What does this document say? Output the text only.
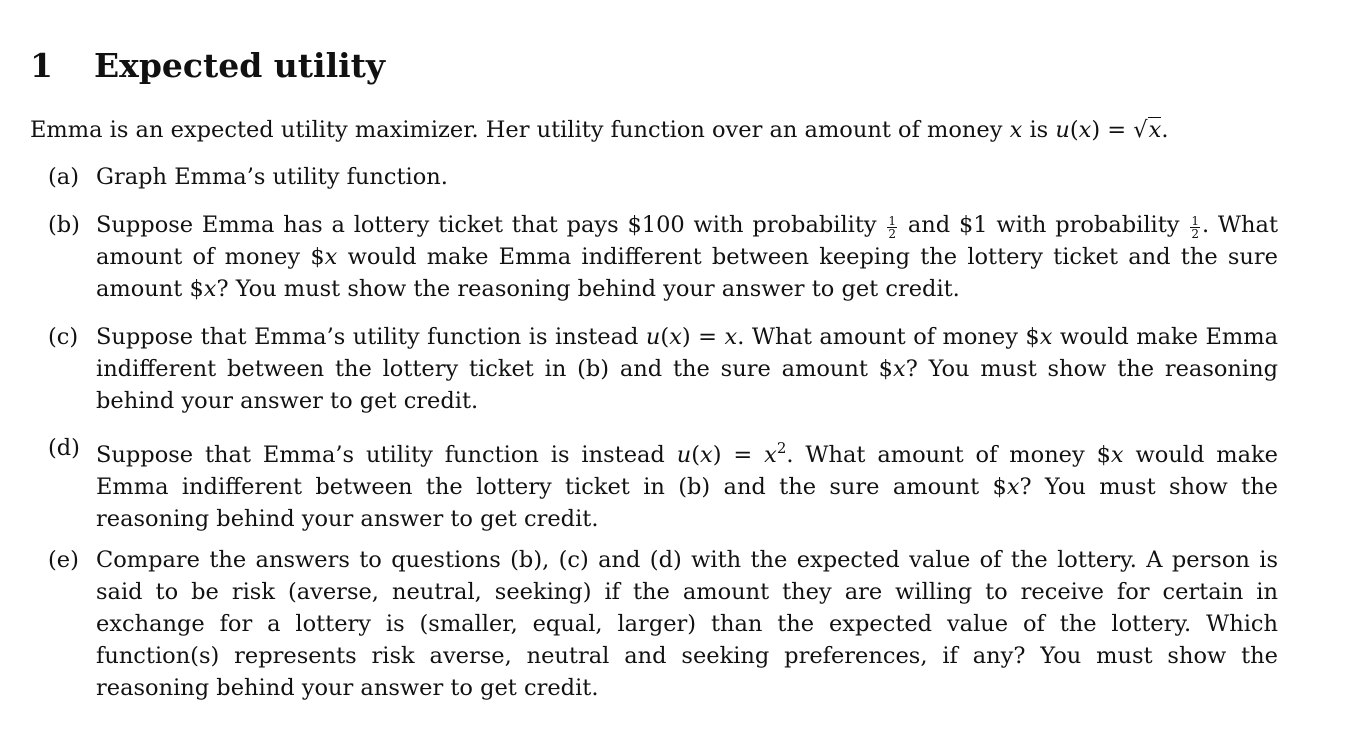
1 Expected utility
Emma is an expected utility maximizer. Her utility function over an amount of money x is u(x) = √x.
(a) Graph Emma’s utility function.
(b) Suppose Emma has a lottery ticket that pays $100 with probability $\frac{1}{2}$ and $1 with probability $\frac{1}{2}$ . What amount of money $x would make Emma indifferent between keeping the lottery ticket and the sure amount $x? You must show the reasoning behind your answer to get credit.
(c) Suppose that Emma’s utility function is instead u(x) = x. What amount of money $x would make Emma indifferent between the lottery ticket in (b) and the sure amount $x? You must show the reasoning behind your answer to get credit.
(d) Suppose that Emma’s utility function is instead $u(x) = x^2$. What amount of money $x would make Emma indifferent between the lottery ticket in (b) and the sure amount $x? You must show the reasoning behind your answer to get credit.
(e) Compare the answers to questions (b), (c) and (d) with the expected value of the lottery. A person is said to be risk (averse, neutral, seeking) if the amount they are willing to receive for certain in exchange for a lottery is (smaller, equal, larger) than the expected value of the lottery. Which function(s) represents risk averse, neutral and seeking preferences, if any? You must show the reasoning behind your answer to get credit.
